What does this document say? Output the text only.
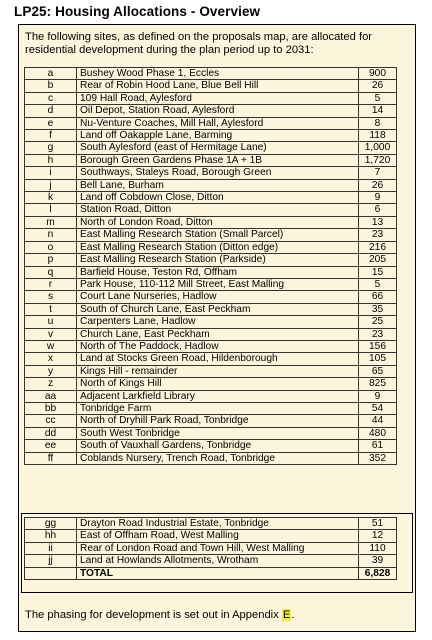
LP25: Housing Allocations - Overview

The following sites, as defined on the proposals map, are allocated for residential development during the plan period up to 2031:

The phasing for development is set out in Appendix E.

a	Bushey Wood Phase 1, Eccles	900
b	Rear of Robin Hood Lane, Blue Bell Hill	26
c	109 Hall Road, Aylesford	5
d	Oil Depot, Station Road, Aylesford	14
e	Nu-Venture Coaches, Mill Hall, Aylesford	8
f	Land off Oakapple Lane, Barming	118
g	South Aylesford (east of Hermitage Lane)	1,000
h	Borough Green Gardens Phase 1A + 1B	1,720
i	Southways, Staleys Road, Borough Green	7
j	Bell Lane, Burham	26
k	Land off Cobdown Close, Ditton	9
l	Station Road, Ditton	6
m	North of London Road, Ditton	13
n	East Malling Research Station (Small Parcel)	23
o	East Malling Research Station (Ditton edge)	216
p	East Malling Research Station (Parkside)	205
q	Barfield House, Teston Rd, Offham	15
r	Park House, 110-112 Mill Street, East Malling	5
s	Court Lane Nurseries, Hadlow	66
t	South of Church Lane, East Peckham	35
u	Carpenters Lane, Hadlow	25
v	Church Lane, East Peckham	23
w	North of The Paddock, Hadlow	156
x	Land at Stocks Green Road, Hildenborough	105
y	Kings Hill - remainder	65
z	North of Kings Hill	825
aa	Adjacent Larkfield Library	9
bb	Tonbridge Farm	54
cc	North of Dryhill Park Road, Tonbridge	44
dd	South West Tonbridge	480
ee	South of Vauxhall Gardens, Tonbridge	61
ff	Coblands Nursery, Trench Road, Tonbridge	352
gg	Drayton Road Industrial Estate, Tonbridge	51
hh	East of Offham Road, West Malling	12
ii	Rear of London Road and Town Hill, West Malling	110
jj	Land at Howlands Allotments, Wrotham	39
	TOTAL	6,828
